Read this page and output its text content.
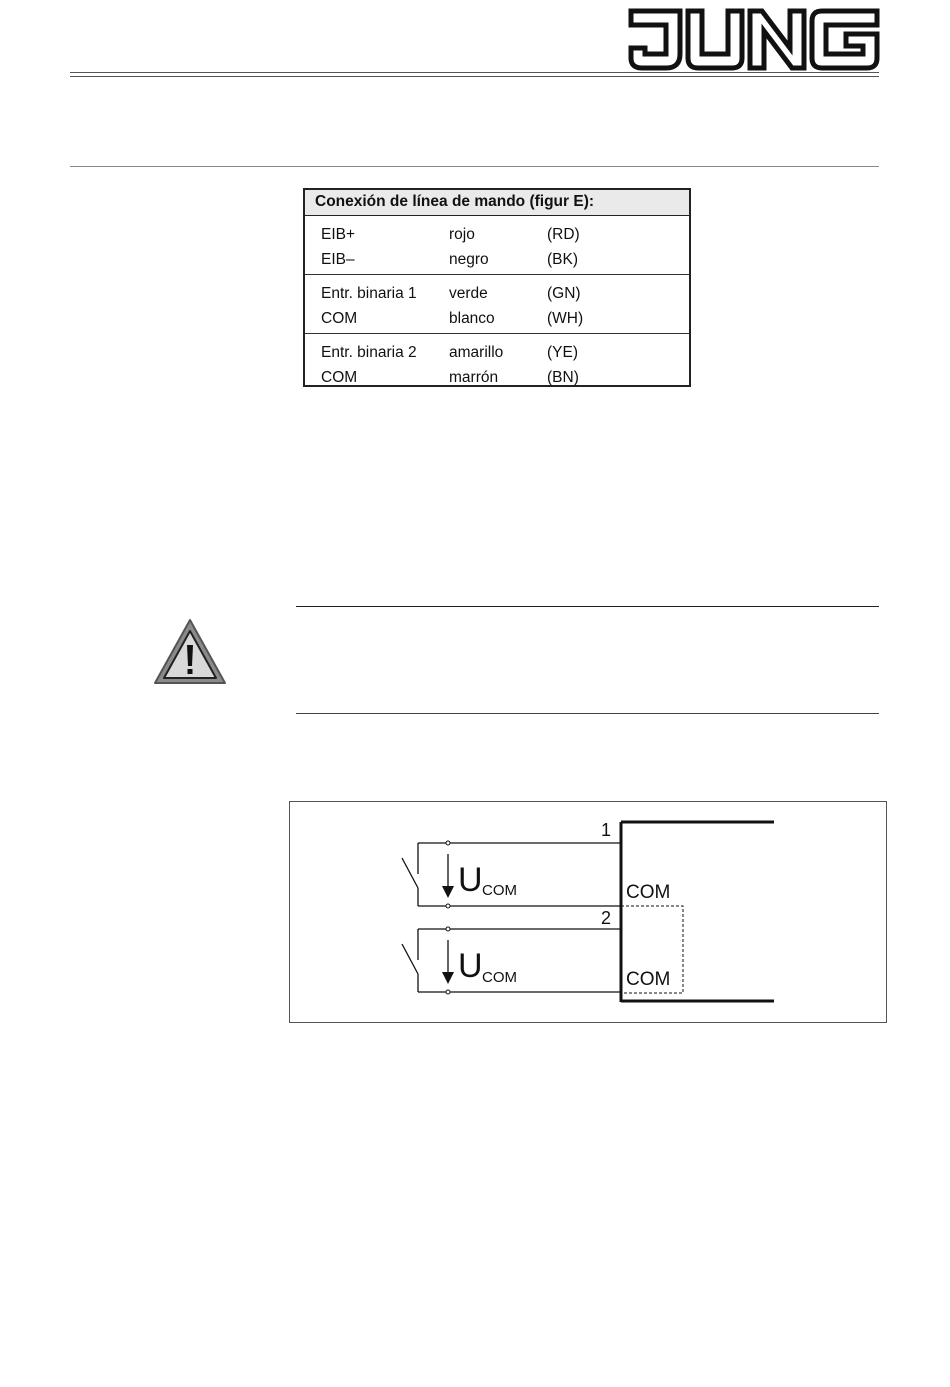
Conexión de línea de mando (figur E):
EIB+	rojo	(RD)
EIB–	negro	(BK)
Entr. binaria 1	verde	(GN)
COM	blanco	(WH)
Entr. binaria 2	amarillo	(YE)
COM	marrón	(BN)
1
2
COM
COM
U COM
U COM
